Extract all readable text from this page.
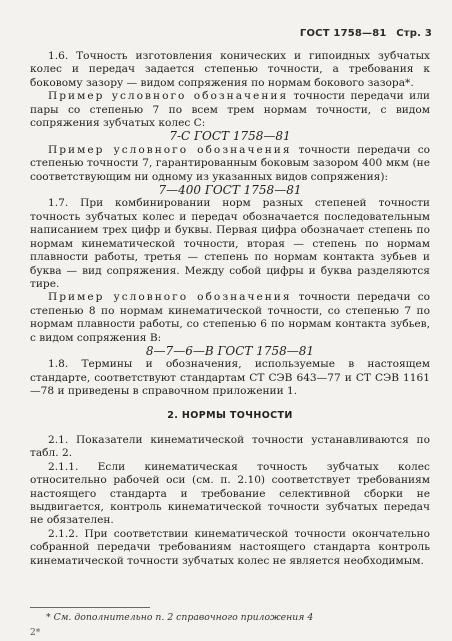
ГОСТ 1758—81 Стр. 3

1.6. Точность изготовления конических и гипоидных зубчатых колес и передач задается степенью точности, а требования к боковому зазору — видом сопряжения по нормам бокового зазора*.

Пример условного обозначения точности передачи или пары со степенью 7 по всем трем нормам точности, с видом сопряжения зубчатых колес С:

7-С ГОСТ 1758—81

Пример условного обозначения точности передачи со степенью точности 7, гарантированным боковым зазором 400 мкм (не соответствующим ни одному из указанных видов сопряжения):

7—400 ГОСТ 1758—81

1.7. При комбинировании норм разных степеней точности точность зубчатых колес и передач обозначается последовательным написанием трех цифр и буквы. Первая цифра обозначает степень по нормам кинематической точности, вторая — степень по нормам плавности работы, третья — степень по нормам контакта зубьев и буква — вид сопряжения. Между собой цифры и буква разделяются тире.

Пример условного обозначения точности передачи со степенью 8 по нормам кинематической точности, со степенью 7 по нормам плавности работы, со степенью 6 по нормам контакта зубьев, с видом сопряжения В:

8—7—6—В ГОСТ 1758—81

1.8. Термины и обозначения, используемые в настоящем стандарте, соответствуют стандартам СТ СЭВ 643—77 и СТ СЭВ 1161—78 и приведены в справочном приложении 1.

2. НОРМЫ ТОЧНОСТИ

2.1. Показатели кинематической точности устанавливаются по табл. 2.

2.1.1. Если кинематическая точность зубчатых колес относительно рабочей оси (см. п. 2.10) соответствует требованиям настоящего стандарта и требование селективной сборки не выдвигается, контроль кинематической точности зубчатых передач не обязателен.

2.1.2. При соответствии кинематической точности окончательно собранной передачи требованиям настоящего стандарта контроль кинематической точности зубчатых колес не является необходимым.

* См. дополнительно п. 2 справочного приложения 4
2*
